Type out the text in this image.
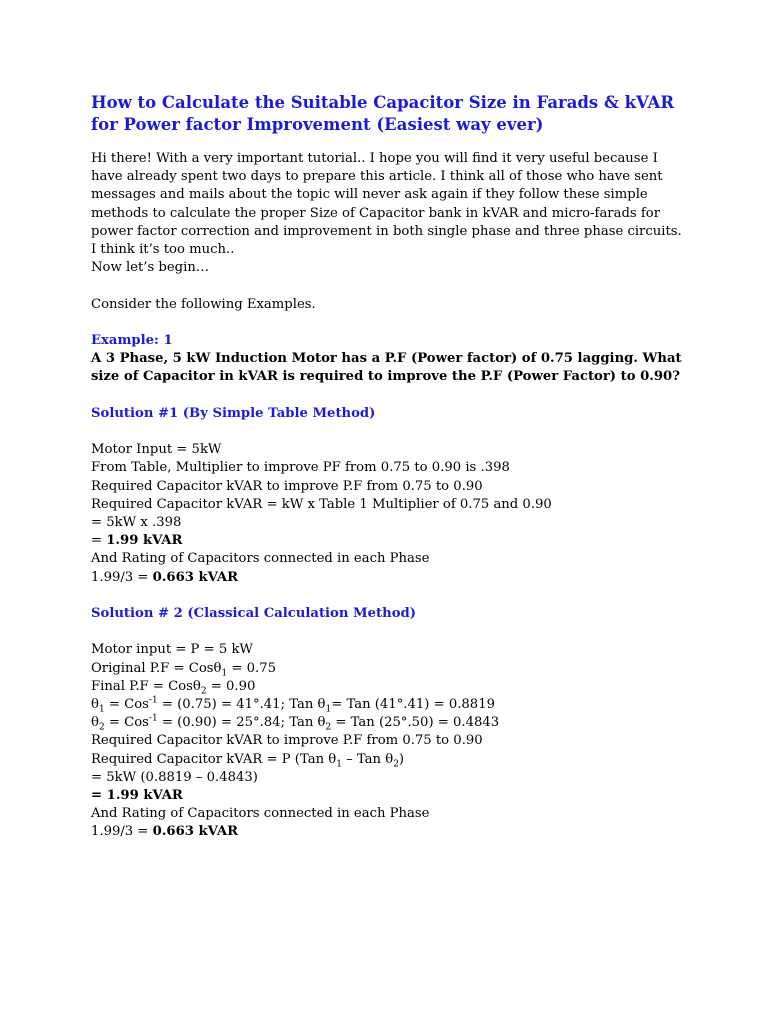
How to Calculate the Suitable Capacitor Size in Farads & kVAR for Power factor Improvement (Easiest way ever)

Hi there! With a very important tutorial.. I hope you will find it very useful because I have already spent two days to prepare this article. I think all of those who have sent messages and mails about the topic will never ask again if they follow these simple methods to calculate the proper Size of Capacitor bank in kVAR and micro-farads for power factor correction and improvement in both single phase and three phase circuits. I think it’s too much..

Now let’s begin…

Consider the following Examples.

Example: 1

A 3 Phase, 5 kW Induction Motor has a P.F (Power factor) of 0.75 lagging. What size of Capacitor in kVAR is required to improve the P.F (Power Factor) to 0.90?

Solution #1 (By Simple Table Method)

Motor Input = 5kW
From Table, Multiplier to improve PF from 0.75 to 0.90 is .398
Required Capacitor kVAR to improve P.F from 0.75 to 0.90
Required Capacitor kVAR = kW x Table 1 Multiplier of 0.75 and 0.90
= 5kW x .398
= 1.99 kVAR
And Rating of Capacitors connected in each Phase
1.99/3 = 0.663 kVAR

Solution # 2 (Classical Calculation Method)

Motor input = P = 5 kW
Original P.F = Cosθ$_1$ = 0.75
Final P.F = Cosθ$_2$ = 0.90
$\theta_1 = Cos^{-1} = (0.75) = 41^\circ.41$; Tan $\theta_1=$ Tan (41°.41) = 0.8819
$\theta_2 = Cos^{-1} = (0.90) = 25^\circ.84$; Tan $\theta_2$ = Tan (25°.50) = 0.4843
Required Capacitor kVAR to improve P.F from 0.75 to 0.90
Required Capacitor kVAR = P (Tan $\theta_1$ – Tan $\theta_2$)
= 5kW (0.8819 – 0.4843)
= 1.99 kVAR
And Rating of Capacitors connected in each Phase
1.99/3 = 0.663 kVAR
